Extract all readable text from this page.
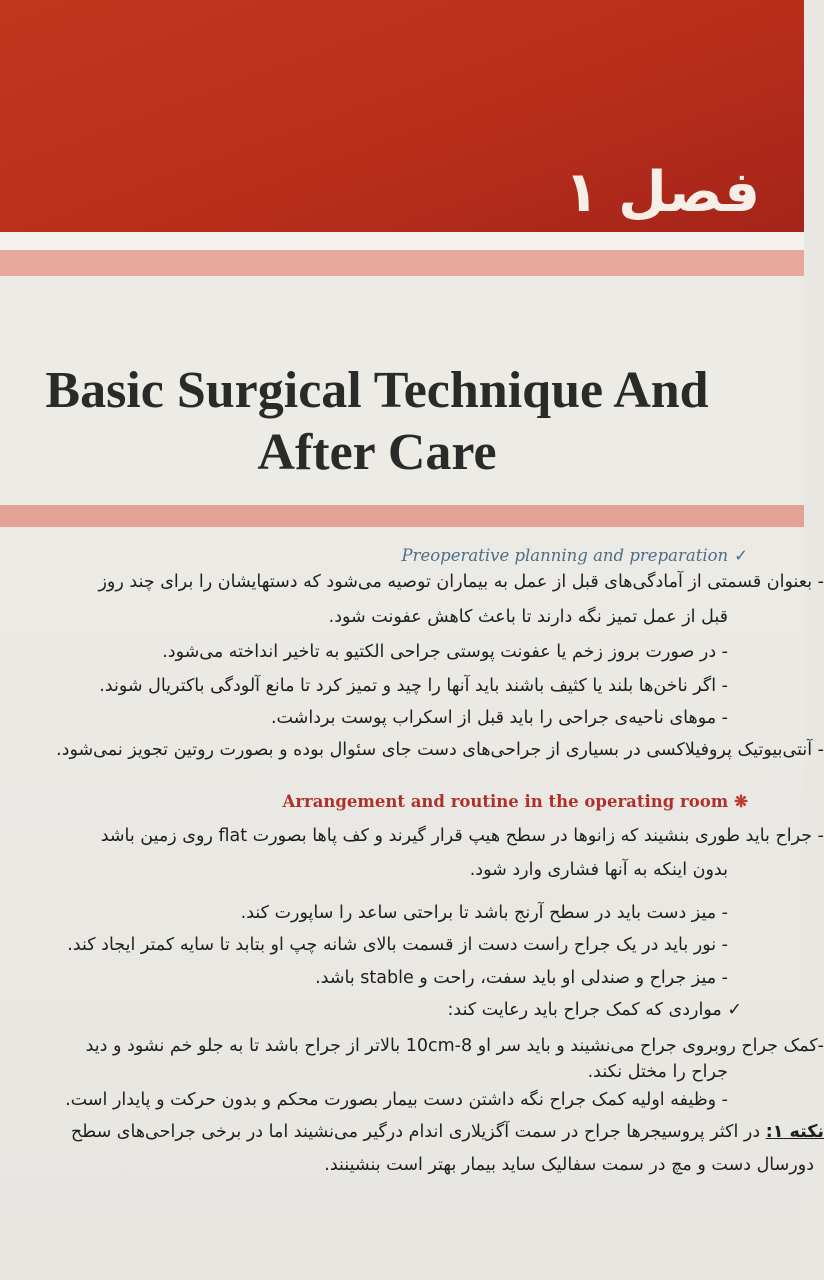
فصل ۱
Basic Surgical Technique And
After Care
Preoperative planning and preparation ✓
- بعنوان قسمتی از آمادگی‌های قبل از عمل به بیماران توصیه می‌شود که دستهایشان را برای چند روز
قبل از عمل تمیز نگه دارند تا باعث کاهش عفونت شود.
- در صورت بروز زخم یا عفونت پوستی جراحی الکتیو به تاخیر انداخته می‌شود.
- اگر ناخن‌ها بلند یا کثیف باشند باید آنها را چید و تمیز کرد تا مانع آلودگی باکتریال شوند.
- موهای ناحیه‌ی جراحی را باید قبل از اسکراب پوست برداشت.
- آنتی‌بیوتیک پروفیلاکسی در بسیاری از جراحی‌های دست جای سئوال بوده و بصورت روتین تجویز نمی‌شود.
Arrangement and routine in the operating room ❋
- جراح باید طوری بنشیند که زانوها در سطح هیپ قرار گیرند و کف پاها بصورت flat روی زمین باشد
بدون اینکه به آنها فشاری وارد شود.
- میز دست باید در سطح آرنج باشد تا براحتی ساعد را ساپورت کند.
- نور باید در یک جراح راست دست از قسمت بالای شانه چپ او بتابد تا سایه کمتر ایجاد کند.
- میز جراح و صندلی او باید سفت، راحت و stable باشد.
✓ مواردی که کمک جراح باید رعایت کند:
-کمک جراح روبروی جراح می‌نشیند و باید سر او 8-10cm بالاتر از جراح باشد تا به جلو خم نشود و دید
جراح را مختل نکند.
- وظیفه اولیه کمک جراح نگه داشتن دست بیمار بصورت محکم و بدون حرکت و پایدار است.
نکته ۱: در اکثر پروسیجرها جراح در سمت آگزیلاری اندام درگیر می‌نشیند اما در برخی جراحی‌های سطح
دورسال دست و مچ در سمت سفالیک ساید بیمار بهتر است بنشینند.
